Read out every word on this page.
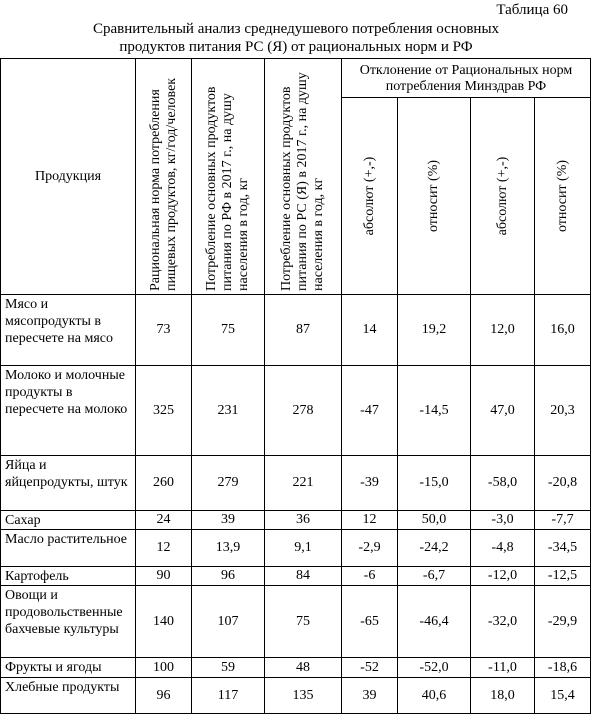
Таблица 60
Сравнительный анализ среднедушевого потребления основных
продуктов питания РС (Я) от рациональных норм и РФ
Продукция	Рациональная норма потребления пищевых продуктов, кг/год/человек	Потребление основных продуктов питания по РФ в 2017 г., на душу населения в год, кг	Потребление основных продуктов питания по РС (Я) в 2017 г., на душу населения в год, кг	Отклонение от Рациональных норм потребления Минздрав РФ			

				абсолют (+,-)	относит (%)	абсолют (+,-)	относит (%)

Мясо и мясопродукты в пересчете на мясо	73	75	87	14	19,2	12,0	16,0
Молоко и молочные продукты в пересчете на молоко	325	231	278	-47	-14,5	47,0	20,3
Яйца и яйцепродукты, штук	260	279	221	-39	-15,0	-58,0	-20,8
Сахар	24	39	36	12	50,0	-3,0	-7,7
Масло растительное	12	13,9	9,1	-2,9	-24,2	-4,8	-34,5
Картофель	90	96	84	-6	-6,7	-12,0	-12,5
Овощи и продовольственные бахчевые культуры	140	107	75	-65	-46,4	-32,0	-29,9
Фрукты и ягоды	100	59	48	-52	-52,0	-11,0	-18,6
Хлебные продукты	96	117	135	39	40,6	18,0	15,4
